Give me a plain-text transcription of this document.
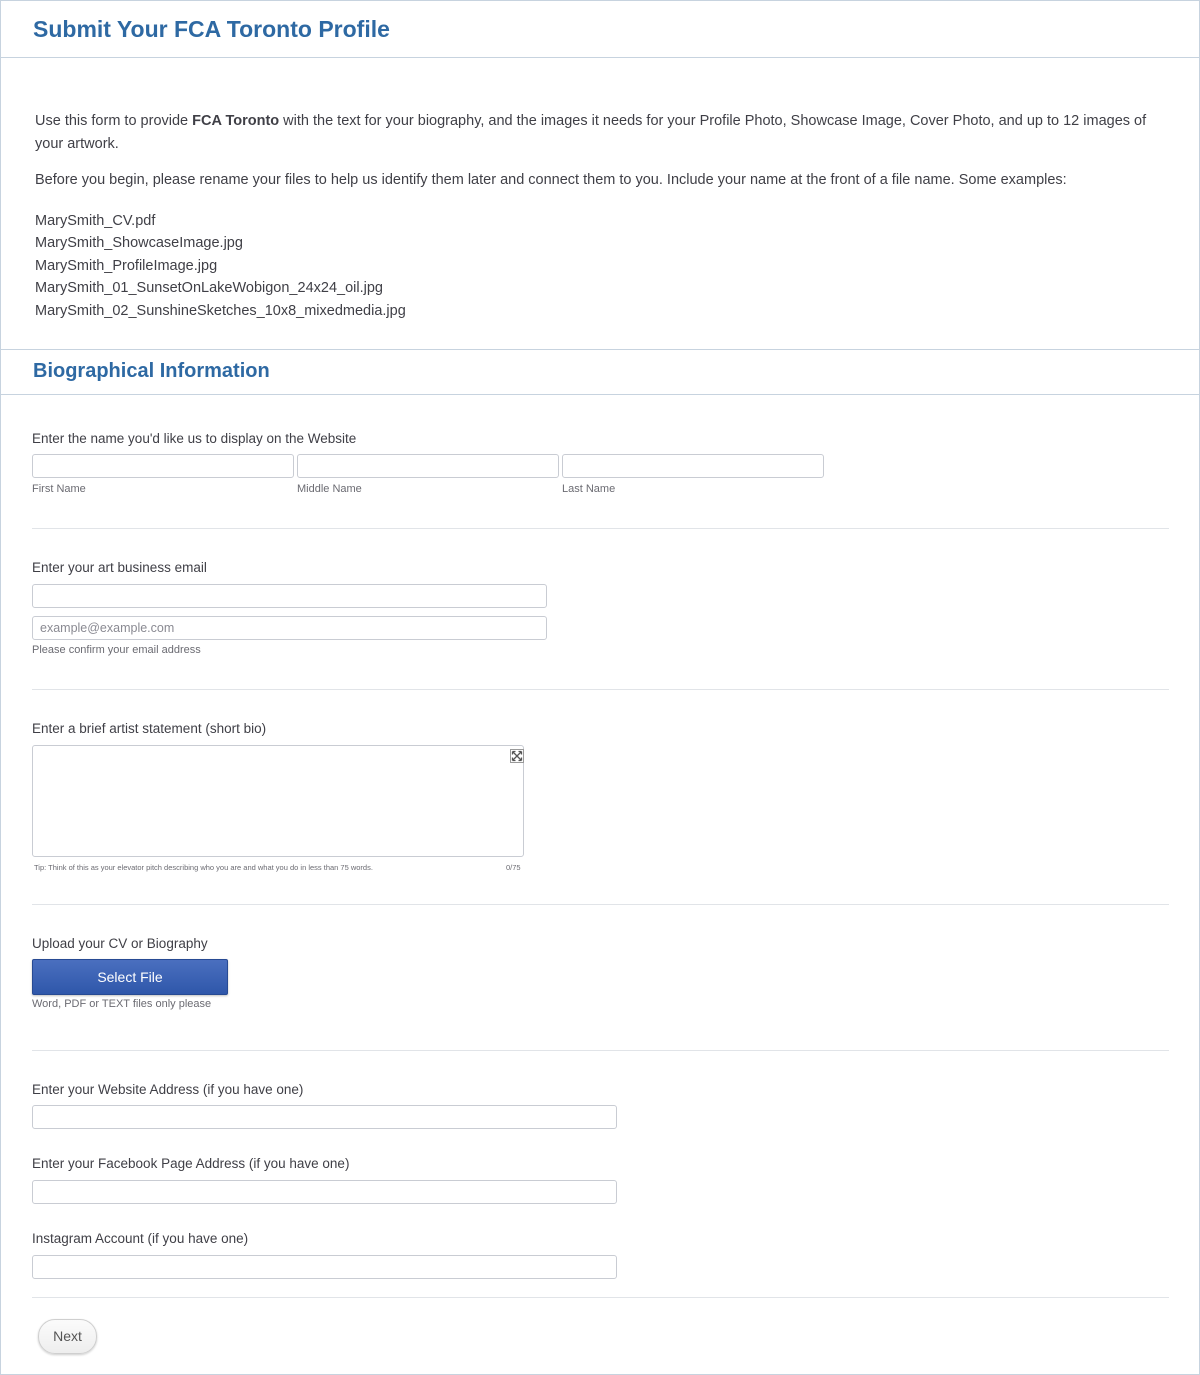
Submit Your FCA Toronto Profile

Use this form to provide FCA Toronto with the text for your biography, and the images it needs for your Profile Photo, Showcase Image, Cover Photo, and up to 12 images of your artwork.

Before you begin, please rename your files to help us identify them later and connect them to you. Include your name at the front of a file name. Some examples:

MarySmith_CV.pdf
MarySmith_ShowcaseImage.jpg
MarySmith_ProfileImage.jpg
MarySmith_01_SunsetOnLakeWobigon_24x24_oil.jpg
MarySmith_02_SunshineSketches_10x8_mixedmedia.jpg
Biographical Information
Enter the name you'd like us to display on the Website
First Name	Middle Name	Last Name
Enter your art business email
example@example.com
Please confirm your email address
Enter a brief artist statement (short bio)
Tip: Think of this as your elevator pitch describing who you are and what you do in less than 75 words.	0/75
Upload your CV or Biography
Select File
Word, PDF or TEXT files only please
Enter your Website Address (if you have one)
Enter your Facebook Page Address (if you have one)
Instagram Account (if you have one)
Next
